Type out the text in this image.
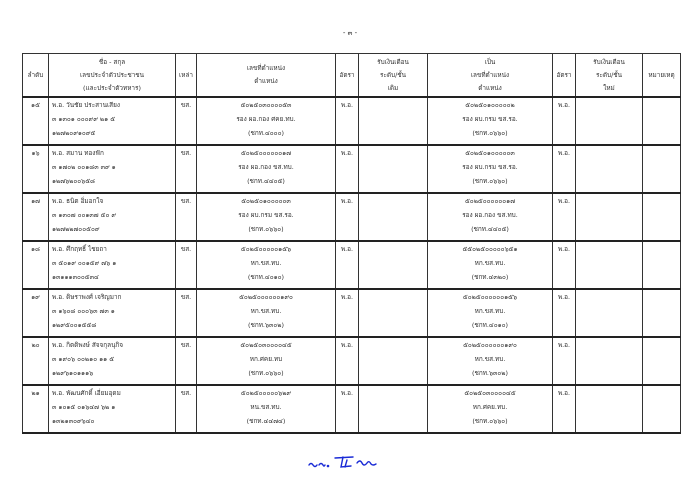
- ๓ -
ลำดับ	ชื่อ - สกุล
เลขประจำตัวประชาชน
(และประจำตัวทหาร)	เหล่า	เลขที่ตำแหน่ง
ตำแหน่ง	อัตรา	รับเงินเดือน
ระดับ/ชั้น
เดิม	เป็น
เลขที่ตำแหน่ง
ตำแหน่ง	อัตรา	รับเงินเดือน
ระดับ/ชั้น
ใหม่	หมายเหตุ
๑๕	พ.อ. วันชัย ประสานเสียง
๓ ๑๓๐๑ ๐๐๐๙๙ ๒๑ ๕
๑๒๗๒๐๙๑๐๙๕	ขส.	๕๐๒๕๐๓๐๐๐๐๕๓
รอง ผอ.กอง ศคย.ทบ.
(ชกท.๔๐๐๐)	พ.อ.		๕๐๒๕๐๑๐๐๐๐๐๒
รอง ผบ.กรม ขส.รอ.
(ชกท.๐๖๖๐)	พ.อ.		
๑๖	พ.อ. สมาน ทองฟัก
๓ ๑๗๐๒ ๐๐๑๘๓ ๓๙ ๑
๑๒๗๖๒๐๐๖๕๘	ขส.	๕๐๒๕๐๐๐๐๐๐๑๗
รอง ผอ.กอง ขส.ทบ.
(ชกท.๔๔๐๕)	พ.อ.		๕๐๒๕๐๑๐๐๐๐๐๓
รอง ผบ.กรม ขส.รอ.
(ชกท.๐๖๖๐)	พ.อ.		
๑๗	พ.อ. ธนิต อิ่มอกใจ
๓ ๑๓๐๗ ๐๐๑๓๗ ๕๐ ๙
๑๒๗๒๒๗๐๐๕๐๙	ขส.	๕๐๒๕๐๑๐๐๐๐๐๓
รอง ผบ.กรม ขส.รอ.
(ชกท.๐๖๖๐)	พ.อ.		๕๐๒๕๐๐๐๐๐๐๑๗
รอง ผอ.กอง ขส.ทบ.
(ชกท.๔๔๐๕)	พ.อ.		
๑๘	พ.อ. ศึกฤทธิ์ ไชยถา
๓ ๕๐๑๙ ๐๐๑๕๙ ๗๖ ๑
๑๓๑๑๑๓๐๐๕๓๔	ขส.	๕๐๒๕๐๐๐๐๐๑๕๖
หก.ขส.ทบ.
(ชกท.๔๐๑๐)	พ.อ.		๕๕๐๒๕๐๐๐๐๐๖๕๑
หก.ขส.ทบ.
(ชกท.๔๓๒๐)	พ.อ.		
๑๙	พ.อ. ดิษราพงศ์ เจริญมาก
๓ ๑๖๐๘ ๐๐๐๖๓ ๗๓ ๑
๑๒๙๕๐๐๑๕๕๘	ขส.	๕๐๒๕๐๐๐๐๐๐๑๙๐
หก.ขส.ทบ.
(ชกท.๖๓๐๒)	พ.อ.		๕๐๒๕๐๐๐๐๐๐๑๕๖
หก.ขส.ทบ.
(ชกท.๔๐๑๐)	พ.อ.		
๒๐	พ.อ. กิตติพงษ์ สัจจกุลนุกิจ
๓ ๑๙๐๖ ๐๐๒๑๐ ๑๑ ๕
๑๒๙๖๑๐๑๑๑๖	ขส.	๕๐๒๕๐๓๐๐๐๐๔๕
หก.ศคย.ทบ
(ชกท.๐๖๖๐)	พ.อ.		๕๐๒๕๐๐๐๐๐๐๑๙๐
หก.ขส.ทบ.
(ชกท.๖๓๐๒)	พ.อ.		
๒๑	พ.อ. พัฒนศักดิ์ เอี่ยมอุดม
๓ ๑๐๑๕ ๐๑๖๔๗ ๖๒ ๑
๑๓๒๑๓๐๙๖๔๐	ขส.	๕๐๒๕๐๐๐๐๐๖๒๙
หน.ขส.ทบ.
(ชกท.๔๔๗๔)	พ.อ.		๕๐๒๕๐๓๐๐๐๐๔๕
หก.ศคย.ทบ.
(ชกท.๐๖๖๐)	พ.อ.		
